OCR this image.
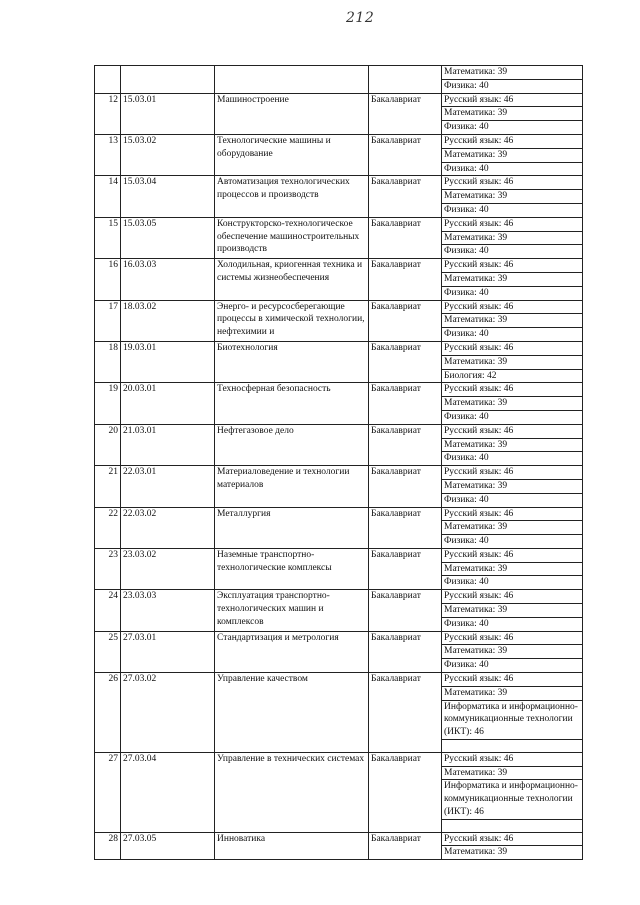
212
				Математика: 39
				Физика: 40
12	15.03.01	Машиностроение	Бакалавриат	Русский язык: 46
				Математика: 39
				Физика: 40
13	15.03.02	Технологические машины и оборудование	Бакалавриат	Русский язык: 46
				Математика: 39
				Физика: 40
14	15.03.04	Автоматизация технологических процессов и производств	Бакалавриат	Русский язык: 46
				Математика: 39
				Физика: 40
15	15.03.05	Конструкторско-технологическое обеспечение машиностроительных производств	Бакалавриат	Русский язык: 46
				Математика: 39
				Физика: 40
16	16.03.03	Холодильная, криогенная техника и системы жизнеобеспечения	Бакалавриат	Русский язык: 46
				Математика: 39
				Физика: 40
17	18.03.02	Энерго- и ресурсосберегающие процессы в химической технологии, нефтехимии и	Бакалавриат	Русский язык: 46
				Математика: 39
				Физика: 40
18	19.03.01	Биотехнология	Бакалавриат	Русский язык: 46
				Математика: 39
				Биология: 42
19	20.03.01	Техносферная безопасность	Бакалавриат	Русский язык: 46
				Математика: 39
				Физика: 40
20	21.03.01	Нефтегазовое дело	Бакалавриат	Русский язык: 46
				Математика: 39
				Физика: 40
21	22.03.01	Материаловедение и технологии материалов	Бакалавриат	Русский язык: 46
				Математика: 39
				Физика: 40
22	22.03.02	Металлургия	Бакалавриат	Русский язык: 46
				Математика: 39
				Физика: 40
23	23.03.02	Наземные транспортно-технологические комплексы	Бакалавриат	Русский язык: 46
				Математика: 39
				Физика: 40
24	23.03.03	Эксплуатация транспортно-технологических машин и комплексов	Бакалавриат	Русский язык: 46
				Математика: 39
				Физика: 40
25	27.03.01	Стандартизация и метрология	Бакалавриат	Русский язык: 46
				Математика: 39
				Физика: 40
26	27.03.02	Управление качеством	Бакалавриат	Русский язык: 46
				Математика: 39
				Информатика и информационно-коммуникационные технологии (ИКТ): 46

27	27.03.04	Управление в технических системах	Бакалавриат	Русский язык: 46
				Математика: 39
				Информатика и информационно-коммуникационные технологии (ИКТ): 46

28	27.03.05	Инноватика	Бакалавриат	Русский язык: 46
				Математика: 39
